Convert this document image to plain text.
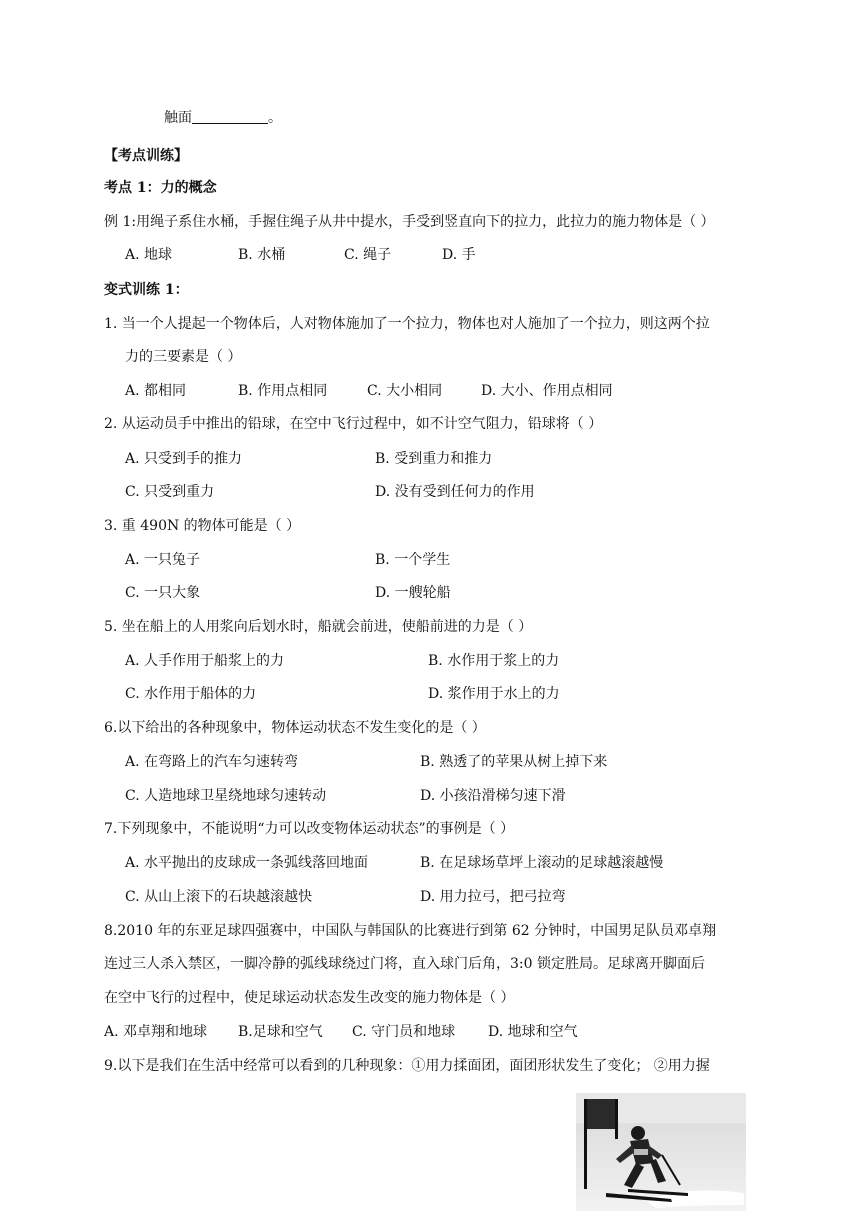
触面	。
【考点训练】
考点 1：力的概念
例 1:用绳子系住水桶，手握住绳子从井中提水，手受到竖直向下的拉力，此拉力的施力物体是（ ）
A. 地球	B. 水桶	C. 绳子	D. 手
变式训练 1：
1. 当一个人提起一个物体后，人对物体施加了一个拉力，物体也对人施加了一个拉力，则这两个拉
力的三要素是（ ）
A. 都相同	B. 作用点相同	C. 大小相同	D. 大小、作用点相同
2. 从运动员手中推出的铅球，在空中飞行过程中，如不计空气阻力，铅球将（ ）
A. 只受到手的推力	B. 受到重力和推力
C. 只受到重力	D. 没有受到任何力的作用
3. 重 490N 的物体可能是（ ）
A. 一只兔子	B. 一个学生
C. 一只大象	D. 一艘轮船
5. 坐在船上的人用浆向后划水时，船就会前进，使船前进的力是（ ）
A. 人手作用于船浆上的力	B. 水作用于浆上的力
C. 水作用于船体的力	D. 浆作用于水上的力
6.以下给出的各种现象中，物体运动状态不发生变化的是（ ）
A. 在弯路上的汽车匀速转弯	B. 熟透了的苹果从树上掉下来
C. 人造地球卫星绕地球匀速转动	D. 小孩沿滑梯匀速下滑
7.下列现象中，不能说明“力可以改变物体运动状态”的事例是（ ）
A. 水平抛出的皮球成一条弧线落回地面	B. 在足球场草坪上滚动的足球越滚越慢
C. 从山上滚下的石块越滚越快	D. 用力拉弓，把弓拉弯
8.2010 年的东亚足球四强赛中，中国队与韩国队的比赛进行到第 62 分钟时，中国男足队员邓卓翔
连过三人杀入禁区，一脚冷静的弧线球绕过门将，直入球门后角，3:0 锁定胜局。足球离开脚面后
在空中飞行的过程中，使足球运动状态发生改变的施力物体是（ ）
A. 邓卓翔和地球 B.足球和空气 C. 守门员和地球 D. 地球和空气
9.以下是我们在生活中经常可以看到的几种现象：①用力揉面团，面团形状发生了变化； ②用力握
